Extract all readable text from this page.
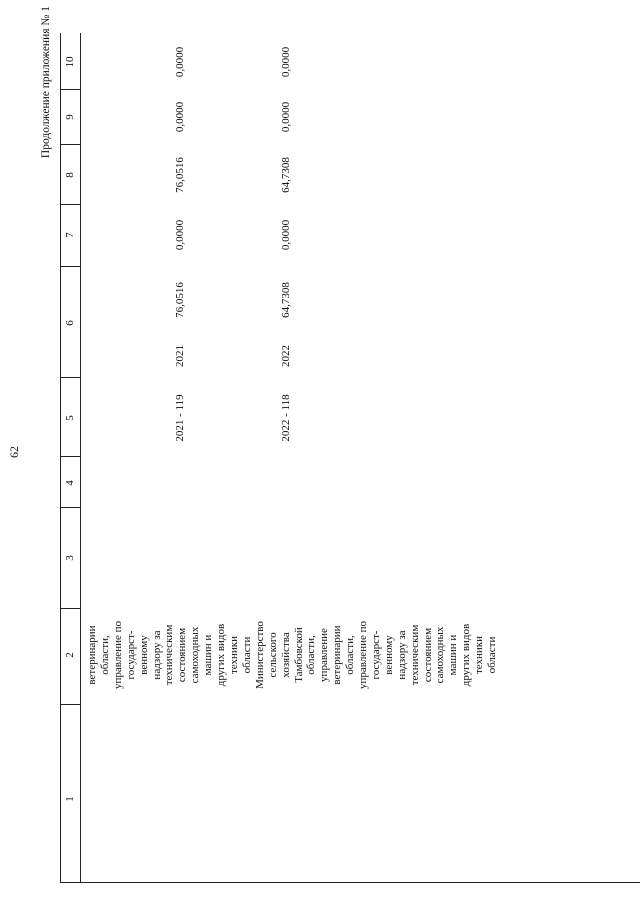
62
Продолжение приложения № 1
1
2
3
4
5
6
7
8
9
10
ветеринарии области, управление по государст- венному надзору за техническим состоянием самоходных машин и других видов техники области Министерство сельского хозяйства Тамбовской области, управление ветеринарии области, управление по государст- венному надзору за техническим состоянием самоходных машин и других видов техники области
2021 - 119
2021
76,0516
0,0000
76,0516
0,0000
0,0000
2022 - 118
2022
64,7308
0,0000
64,7308
0,0000
0,0000
